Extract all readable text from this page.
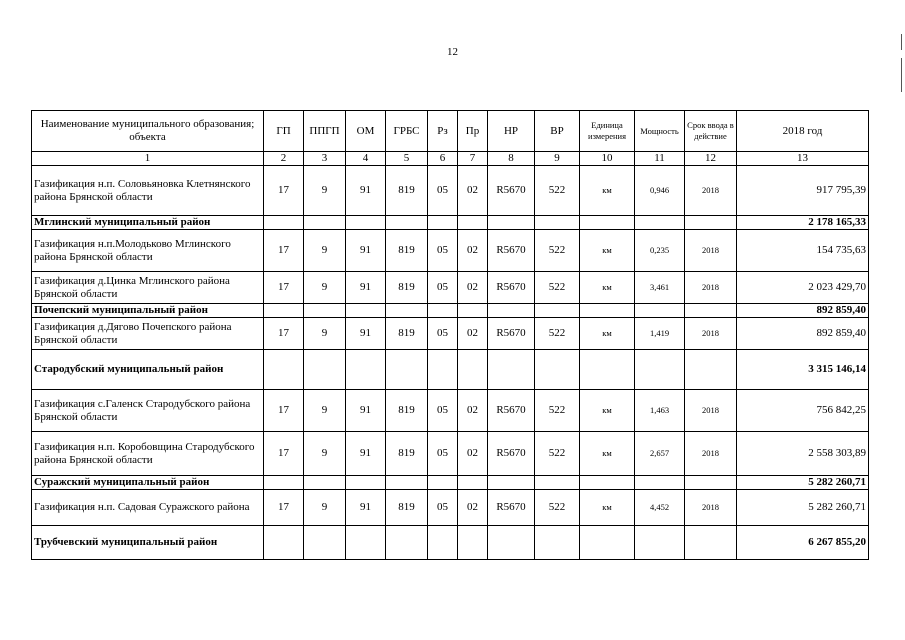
12
Наименование муниципального образования; объекта	ГП	ППГП	ОМ	ГРБС	Рз	Пр	НР	ВР	Единица измерения	Мощность	Срок ввода в действие	2018 год
1	2	3	4	5	6	7	8	9	10	11	12	13
Газификация н.п. Соловьяновка Клетнянского района Брянской области	17	9	91	819	05	02	R5670	522	км	0,946	2018	917 795,39
Мглинский муниципальный район												2 178 165,33
Газификация н.п.Молодьково Мглинского района Брянской области	17	9	91	819	05	02	R5670	522	км	0,235	2018	154 735,63
Газификация д.Цинка Мглинского района Брянской области	17	9	91	819	05	02	R5670	522	км	3,461	2018	2 023 429,70
Почепский муниципальный район												892 859,40
Газификация д.Дягово Почепского района Брянской области	17	9	91	819	05	02	R5670	522	км	1,419	2018	892 859,40
Стародубский муниципальный район												3 315 146,14
Газификация с.Галенск Стародубского района Брянской области	17	9	91	819	05	02	R5670	522	км	1,463	2018	756 842,25
Газификация н.п. Коробовщина Стародубского района Брянской области	17	9	91	819	05	02	R5670	522	км	2,657	2018	2 558 303,89
Суражский муниципальный район												5 282 260,71
Газификация н.п. Садовая Суражского района	17	9	91	819	05	02	R5670	522	км	4,452	2018	5 282 260,71
Трубчевский муниципальный район												6 267 855,20
